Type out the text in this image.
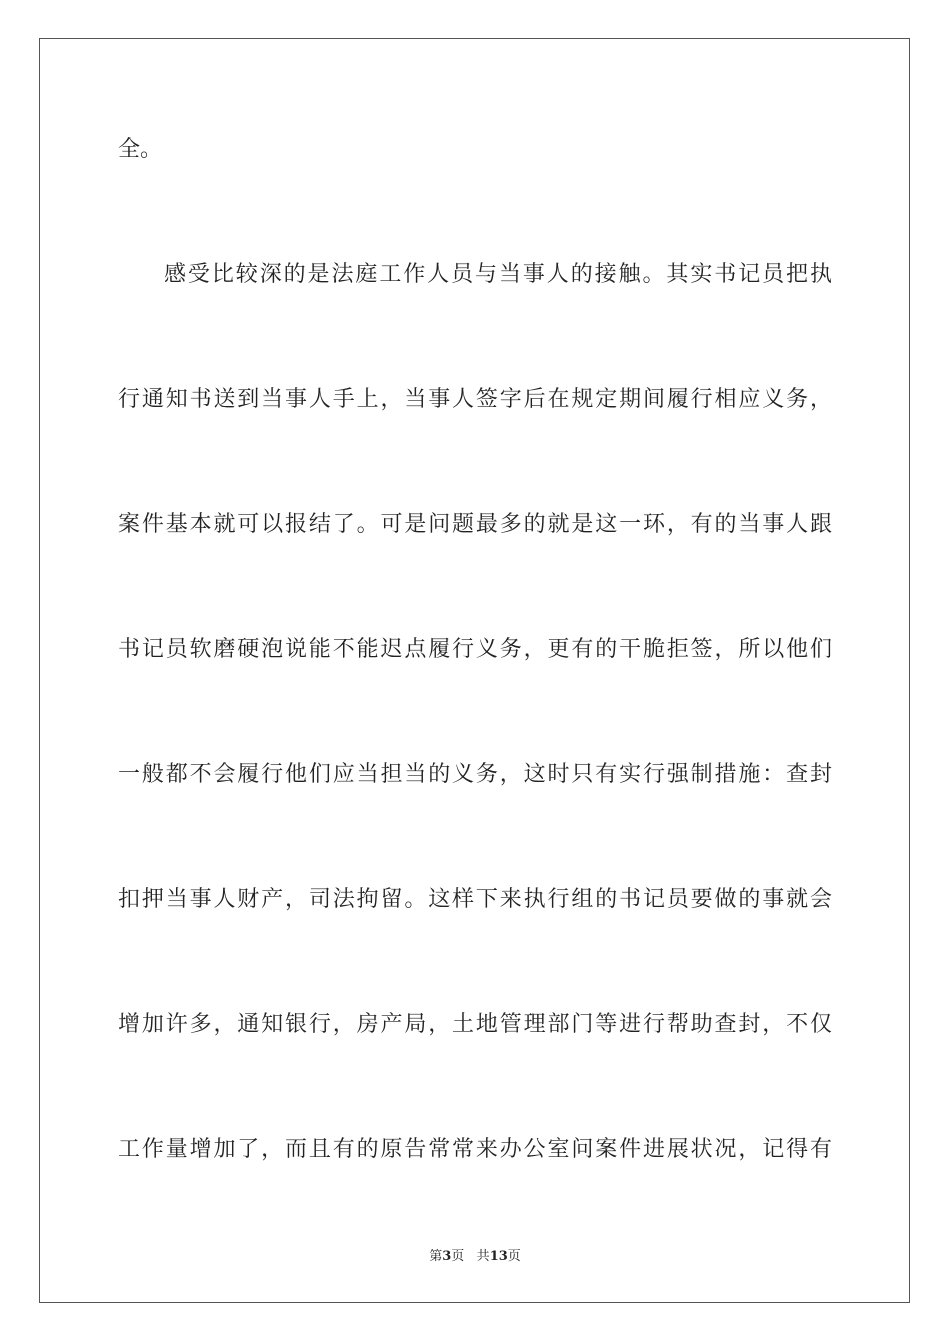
全。
感受比较深的是法庭工作人员与当事人的接触。其实书记员把执
行通知书送到当事人手上，当事人签字后在规定期间履行相应义务，
案件基本就可以报结了。可是问题最多的就是这一环，有的当事人跟
书记员软磨硬泡说能不能迟点履行义务，更有的干脆拒签，所以他们
一般都不会履行他们应当担当的义务，这时只有实行强制措施：查封
扣押当事人财产，司法拘留。这样下来执行组的书记员要做的事就会
增加许多，通知银行，房产局，土地管理部门等进行帮助查封，不仅
工作量增加了，而且有的原告常常来办公室问案件进展状况，记得有
第3页 共13页
